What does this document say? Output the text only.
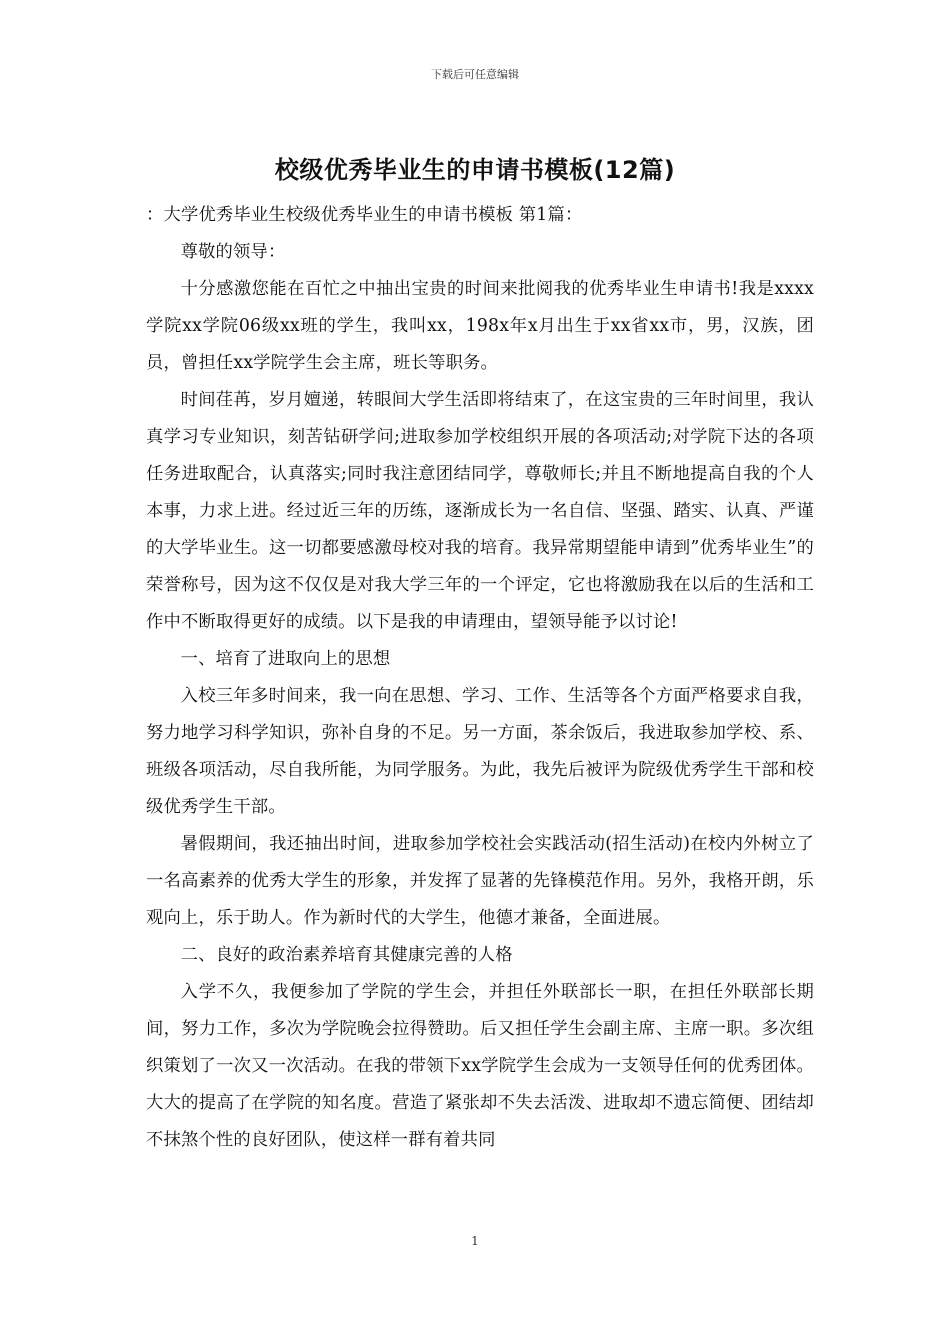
下载后可任意编辑
校级优秀毕业生的申请书模板(12篇)

：大学优秀毕业生校级优秀毕业生的申请书模板 第1篇：

尊敬的领导：

十分感激您能在百忙之中抽出宝贵的时间来批阅我的优秀毕业生申请书!我是xxxx学院xx学院06级xx班的学生，我叫xx，198x年x月出生于xx省xx市，男，汉族，团员，曾担任xx学院学生会主席，班长等职务。

时间荏苒，岁月嬗递，转眼间大学生活即将结束了，在这宝贵的三年时间里，我认真学习专业知识，刻苦钻研学问;进取参加学校组织开展的各项活动;对学院下达的各项任务进取配合，认真落实;同时我注意团结同学，尊敬师长;并且不断地提高自我的个人本事，力求上进。经过近三年的历练，逐渐成长为一名自信、坚强、踏实、认真、严谨的大学毕业生。这一切都要感激母校对我的培育。我异常期望能申请到”优秀毕业生”的荣誉称号，因为这不仅仅是对我大学三年的一个评定，它也将激励我在以后的生活和工作中不断取得更好的成绩。以下是我的申请理由，望领导能予以讨论!

一、培育了进取向上的思想

入校三年多时间来，我一向在思想、学习、工作、生活等各个方面严格要求自我，努力地学习科学知识，弥补自身的不足。另一方面，茶余饭后，我进取参加学校、系、班级各项活动，尽自我所能，为同学服务。为此，我先后被评为院级优秀学生干部和校级优秀学生干部。

暑假期间，我还抽出时间，进取参加学校社会实践活动(招生活动)在校内外树立了一名高素养的优秀大学生的形象，并发挥了显著的先锋模范作用。另外，我格开朗，乐观向上，乐于助人。作为新时代的大学生，他德才兼备，全面进展。

二、良好的政治素养培育其健康完善的人格

入学不久，我便参加了学院的学生会，并担任外联部长一职，在担任外联部长期间，努力工作，多次为学院晚会拉得赞助。后又担任学生会副主席、主席一职。多次组织策划了一次又一次活动。在我的带领下xx学院学生会成为一支领导任何的优秀团体。大大的提高了在学院的知名度。营造了紧张却不失去活泼、进取却不遗忘简便、团结却不抹煞个性的良好团队，使这样一群有着共同

1
